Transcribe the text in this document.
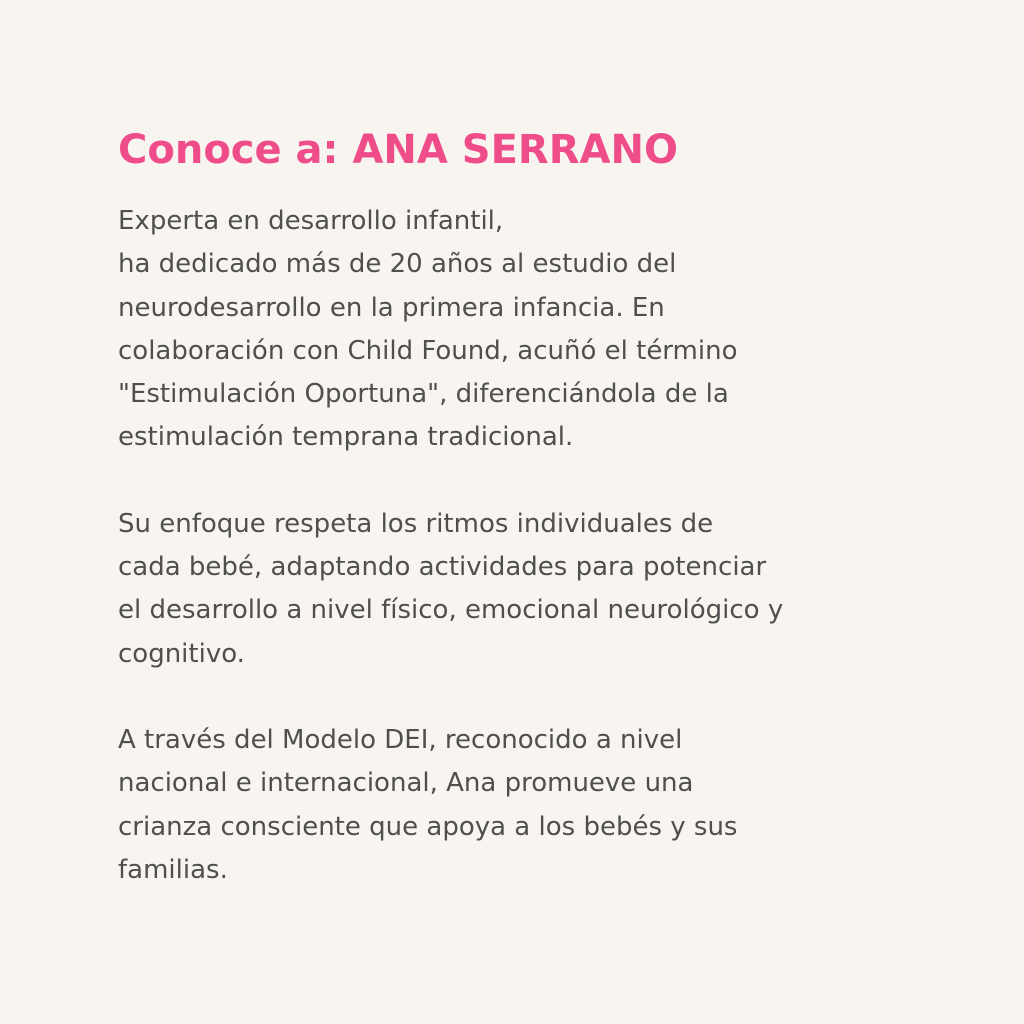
Conoce a: ANA SERRANO

Experta en desarrollo infantil,
ha dedicado más de 20 años al estudio del
neurodesarrollo en la primera infancia. En
colaboración con Child Found, acuñó el término
"Estimulación Oportuna", diferenciándola de la
estimulación temprana tradicional.

Su enfoque respeta los ritmos individuales de
cada bebé, adaptando actividades para potenciar
el desarrollo a nivel físico, emocional neurológico y
cognitivo.

A través del Modelo DEI, reconocido a nivel
nacional e internacional, Ana promueve una
crianza consciente que apoya a los bebés y sus
familias.
